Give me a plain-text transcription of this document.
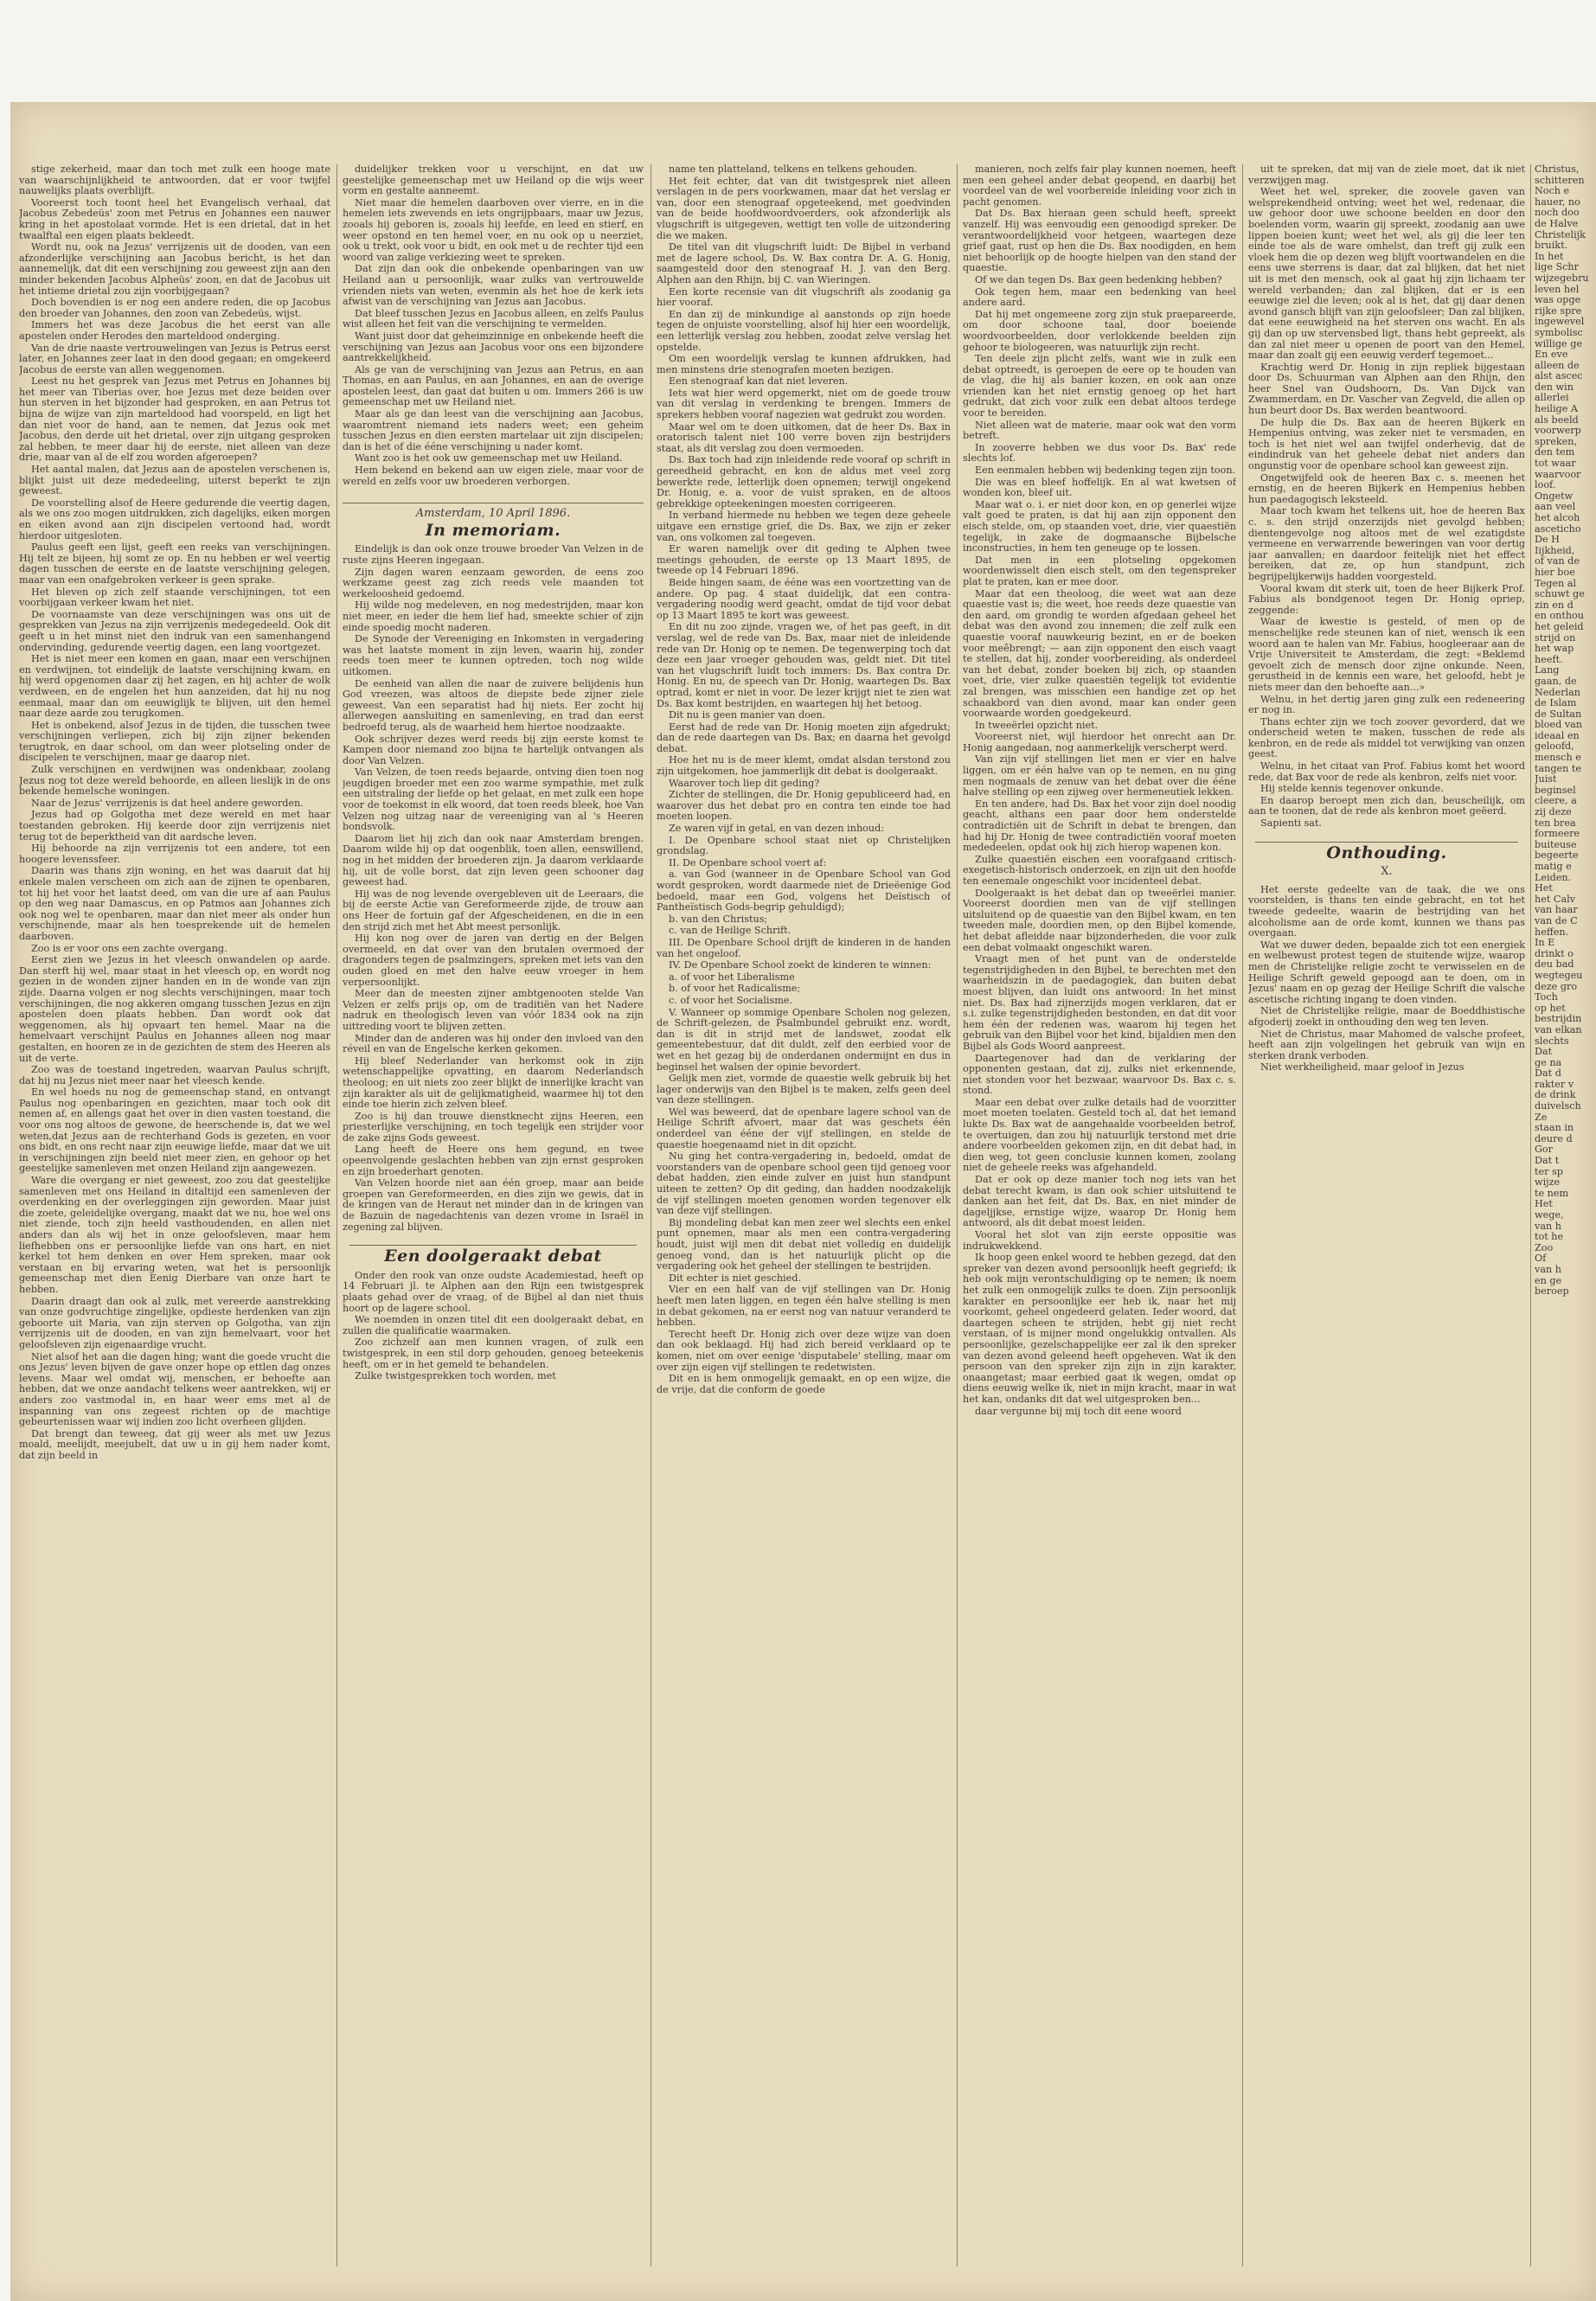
stige zekerheid, maar dan toch met zulk een hooge mate van waarschijnlijkheid te antwoorden, dat er voor twijfel nauwelijks plaats overblijft.

Vooreerst toch toont heel het Evangelisch verhaal, dat Jacobus Zebedeüs' zoon met Petrus en Johannes een nauwer kring in het apostolaat vormde. Het is een drietal, dat in het twaalftal een eigen plaats bekleedt.

Wordt nu, ook na Jezus' verrijzenis uit de dooden, van een afzonderlijke verschijning aan Jacobus bericht, is het dan aannemelijk, dat dit een verschijning zou geweest zijn aan den minder bekenden Jacobus Alpheüs' zoon, en dat de Jacobus uit het intieme drietal zou zijn voorbijgegaan?

Doch bovendien is er nog een andere reden, die op Jacobus den broeder van Johannes, den zoon van Zebedeüs, wijst.

Immers het was deze Jacobus die het eerst van alle apostelen onder Herodes den marteldood onderging.

Van de drie naaste vertrouwelingen van Jezus is Petrus eerst later, en Johannes zeer laat in den dood gegaan; en omgekeerd Jacobus de eerste van allen weggenomen.

Leest nu het gesprek van Jezus met Petrus en Johannes bij het meer van Tiberias over, hoe Jezus met deze beiden over hun sterven in het bijzonder had gesproken, en aan Petrus tot bijna de wijze van zijn marteldood had voorspeld, en ligt het dan niet voor de hand, aan te nemen, dat Jezus ook met Jacobus, den derde uit het drietal, over zijn uitgang gesproken zal hebben, te meer daar hij de eerste, niet alleen van deze drie, maar van al de elf zou worden afgeroepen?

Het aantal malen, dat Jezus aan de apostelen verschenen is, blijkt juist uit deze mededeeling, uiterst beperkt te zijn geweest.

De voorstelling alsof de Heere gedurende die veertig dagen, als we ons zoo mogen uitdrukken, zich dagelijks, eiken morgen en eiken avond aan zijn discipelen vertoond had, wordt hierdoor uitgesloten.

Paulus geeft een lijst, geeft een reeks van verschijningen. Hij telt ze bijeen, hij somt ze op. En nu hebben er wel veertig dagen tusschen de eerste en de laatste verschijning gelegen, maar van een onafgebroken verkeer is geen sprake.

Het bleven op zich zelf staande verschijningen, tot een voorbijgaan verkeer kwam het niet.

De voornaamste van deze verschijningen was ons uit de gesprekken van Jezus na zijn verrijzenis medegedeeld. Ook dit geeft u in het minst niet den indruk van een samenhangend ondervinding, gedurende veertig dagen, een lang voortgezet.

Het is niet meer een komen en gaan, maar een verschijnen en verdwijnen, tot eindelijk de laatste verschijning kwam, en hij werd opgenomen daar zij het zagen, en hij achter de wolk verdween, en de engelen het hun aanzeiden, dat hij nu nog eenmaal, maar dan om eeuwiglijk te blijven, uit den hemel naar deze aarde zou terugkomen.

Het is onbekend, alsof Jezus in de tijden, die tusschen twee verschijningen verliepen, zich bij zijn zijner bekenden terugtrok, en daar school, om dan weer plotseling onder de discipelen te verschijnen, maar ge daarop niet.

Zulk verschijnen en verdwijnen was ondenkbaar, zoolang Jezus nog tot deze wereld behoorde, en alleen lieslijk in de ons bekende hemelsche woningen.

Naar de Jezus' verrijzenis is dat heel andere geworden.

Jezus had op Golgotha met deze wereld en met haar toestanden gebroken. Hij keerde door zijn verrijzenis niet terug tot de beperktheid van dit aardsche leven.

Hij behoorde na zijn verrijzenis tot een andere, tot een hoogere levenssfeer.

Daarin was thans zijn woning, en het was daaruit dat hij enkele malen verscheen om zich aan de zijnen te openbaren, tot hij het voor het laatst deed, om van die ure af aan Paulus op den weg naar Damascus, en op Patmos aan Johannes zich ook nog wel te openbaren, maar dan niet meer als onder hun verschijnende, maar als hen toesprekende uit de hemelen daarboven.

Zoo is er voor ons een zachte overgang.

Eerst zien we Jezus in het vleesch onwandelen op aarde. Dan sterft hij wel, maar staat in het vleesch op, en wordt nog gezien in de wonden zijner handen en in de wonde van zijn zijde. Daarna volgen er nog slechts verschijningen, maar toch verschijningen, die nog akkeren omgang tusschen Jezus en zijn apostelen doen plaats hebben. Dan wordt ook dat weggenomen, als hij opvaart ten hemel. Maar na die hemelvaart verschijnt Paulus en Johannes alleen nog maar gestalten, en hooren ze in de gezichten de stem des Heeren als uit de verte.

Zoo was de toestand ingetreden, waarvan Paulus schrijft, dat hij nu Jezus niet meer naar het vleesch kende.

En wel hoeds nu nog de gemeenschap stand, en ontvangt Paulus nog openbaringen en gezichten, maar toch ook dit nemen af, en allengs gaat het over in dien vasten toestand, die voor ons nog altoos de gewone, de heerschende is, dat we wel weten,dat Jezus aan de rechterhand Gods is gezeten, en voor ons bidt, en ons recht naar zijn eeuwige liefde, maar dat we uit in verschijningen zijn beeld niet meer zien, en gehoor op het geestelijke samenleven met onzen Heiland zijn aangewezen.

Ware die overgang er niet geweest, zoo zou dat geestelijke samenleven met ons Heiland in ditaltijd een samenleven der overdenking en der overleggingen zijn geworden. Maar juist die zoete, geleidelijke overgang, maakt dat we nu, hoe wel ons niet ziende, toch zijn heeld vasthoudenden, en allen niet anders dan als wij het in onze geloofsleven, maar hem liefhebben ons er persoonlijke liefde van ons hart, en niet kerkel tot hem denken en over Hem spreken, maar ook verstaan en bij ervaring weten, wat het is persoonlijk gemeenschap met dien Eenig Dierbare van onze hart te hebben.

Daarin draagt dan ook al zulk, met vereerde aanstrekking van onze godvruchtige zingelijke, opdieste herdenken van zijn geboorte uit Maria, van zijn sterven op Golgotha, van zijn verrijzenis uit de dooden, en van zijn hemelvaart, voor het geloofsleven zijn eigenaardige vrucht.

Niet alsof het aan die dagen hing; want die goede vrucht die ons Jezus' leven bijven de gave onzer hope op ettlen dag onzes levens. Maar wel omdat wij, menschen, er behoefte aan hebben, dat we onze aandacht telkens weer aantrekken, wij er anders zoo vastmodal in, en haar weer ems met al de inspanning van ons zegeest richten op de machtige gebeurtenissen waar wij indien zoo licht overheen glijden.

Dat brengt dan teweeg, dat gij weer als met uw Jezus moald, meelijdt, meejubelt, dat uw u in gij hem nader komt, dat zijn beeld in

duidelijker trekken voor u verschijnt, en dat uw geestelijke gemeenschap met uw Heiland op die wijs weer vorm en gestalte aanneemt.

Niet maar die hemelen daarboven over vierre, en in die hemelen iets zwevends en iets ongrijpbaars, maar uw Jezus, zooals hij geboren is, zooals hij leefde, en leed en stierf, en weer opstond en ten hemel voer, en nu ook op u neerziet, ook u trekt, ook voor u bidt, en ook met u de rechter tijd een woord van zalige verkiezing weet te spreken.

Dat zijn dan ook die onbekende openbaringen van uw Heiland aan u persoonlijk, waar zulks van vertrouwelde vrienden niets van weten, evenmin als het hoe de kerk iets afwist van de verschijning van Jezus aan Jacobus.

Dat bleef tusschen Jezus en Jacobus alleen, en zelfs Paulus wist alleen het feit van die verschijning te vermelden.

Want juist door dat geheimzinnige en onbekende heeft die verschijning van Jezus aan Jacobus voor ons een bijzondere aantrekkelijkheid.

Als ge van de verschijning van Jezus aan Petrus, en aan Thomas, en aan Paulus, en aan Johannes, en aan de overige apostelen leest, dan gaat dat buiten u om. Immers 266 is uw gemeenschap met uw Heiland niet.

Maar als ge dan leest van die verschijning aan Jacobus, waaromtrent niemand iets naders weet; een geheim tusschen Jezus en dien eersten martelaar uit zijn discipelen; dan is het of die ééne verschijning u nader komt.

Want zoo is het ook uw gemeenschap met uw Heiland.

Hem bekend en bekend aan uw eigen ziele, maar voor de wereld en zelfs voor uw broederen verborgen.

Amsterdam, 10 April 1896.
In memoriam.

Eindelijk is dan ook onze trouwe broeder Van Velzen in de ruste zijns Heeren ingegaan.

Zijn dagen waren eenzaam geworden, de eens zoo werkzame geest zag zich reeds vele maanden tot werkeloosheid gedoemd.

Hij wilde nog medeleven, en nog medestrijden, maar kon niet meer, en ieder die hem lief had, smeekte schier of zijn einde spoedig mocht naderen.

De Synode der Vereeniging en Inkomsten in vergadering was het laatste moment in zijn leven, waarin hij, zonder reeds toen meer te kunnen optreden, toch nog wilde uitkomen.

De eenheid van allen die naar de zuivere belijdenis hun God vreezen, was altoos de diepste bede zijner ziele geweest. Van een separatist had hij niets. Eer zocht hij allerwegen aansluiting en samenleving, en trad dan eerst bedroefd terug, als de waarheid hem hiertoe noodzaakte.

Ook schrijver dezes werd reeds bij zijn eerste komst te Kampen door niemand zoo bijna te hartelijk ontvangen als door Van Velzen.

Van Velzen, de toen reeds bejaarde, ontving dien toen nog jeugdigen broeder met een zoo warme sympathie, met zulk een uitstraling der liefde op het gelaat, en met zulk een hope voor de toekomst in elk woord, dat toen reeds bleek, hoe Van Velzen nog uitzag naar de vereeniging van al 's Heeren bondsvolk.

Daarom liet hij zich dan ook naar Amsterdam brengen. Daarom wilde hij op dat oogenblik, toen allen, eenswillend, nog in het midden der broederen zijn. Ja daarom verklaarde hij, uit de volle borst, dat zijn leven geen schooner dag geweest had.

Hij was de nog levende overgebleven uit de Leeraars, die bij de eerste Actie van Gereformeerde zijde, de trouw aan ons Heer de fortuin gaf der Afgescheidenen, en die in een den strijd zich met het Abt meest personlijk.

Hij kon nog over de jaren van dertig en der Belgen overmeeld, en dat over van den brutalen overmoed der dragonders tegen de psalmzingers, spreken met iets van den ouden gloed en met den halve eeuw vroeger in hem verpersoonlijkt.

Meer dan de meesten zijner ambtgenooten stelde Van Velzen er zelfs prijs op, om de traditiën van het Nadere nadruk en theologisch leven van vóór 1834 ook na zijn uittreding voort te blijven zetten.

Minder dan de anderen was hij onder den invloed van den réveil en van de Engelsche kerken gekomen.

Hij bleef Nederlander van herkomst ook in zijn wetenschappelijke opvatting, en daarom Nederlandsch theoloog; en uit niets zoo zeer blijkt de innerlijke kracht van zijn karakter als uit de gelijkmatigheid, waarmee hij tot den einde toe hierin zich zelven bleef.

Zoo is hij dan trouwe dienstknecht zijns Heeren, een priesterlijke verschijning, en toch tegelijk een strijder voor de zake zijns Gods geweest.

Lang heeft de Heere ons hem gegund, en twee opeenvolgende geslachten hebben van zijn ernst gesproken en zijn broederhart genoten.

Van Velzen hoorde niet aan één groep, maar aan beide groepen van Gereformeerden, en dies zijn we gewis, dat in de kringen van de Heraut net minder dan in de kringen van de Bazuin de nagedachtenis van dezen vrome in Israël in zegening zal blijven.

Een doolgeraakt debat

Onder den rook van onze oudste Academiestad, heeft op 14 Februari jl. te Alphen aan den Rijn een twistgesprek plaats gehad over de vraag, of de Bijbel al dan niet thuis hoort op de lagere school.

We noemden in onzen titel dit een doolgeraakt debat, en zullen die qualificatie waarmaken.

Zoo zichzelf aan men kunnen vragen, of zulk een twistgesprek, in een stil dorp gehouden, genoeg beteekenis heeft, om er in het gemeld te behandelen.

Zulke twistgesprekken toch worden, met

name ten platteland, telkens en telkens gehouden.

Het feit echter, dat van dit twistgesprek niet alleen verslagen in de pers voorkwamen, maar dat het verslag er van, door een stenograaf opgeteekend, met goedvinden van de beide hoofdwoordvoerders, ook afzonderlijk als vlugschrift is uitgegeven, wettigt ten volle de uitzondering die we maken.

De titel van dit vlugschrift luidt: De Bijbel in verband met de lagere school, Ds. W. Bax contra Dr. A. G. Honig, saamgesteld door den stenograaf H. J. van den Berg. Alphen aan den Rhijn, bij C. van Wieringen.

Een korte recensie van dit vlugschrift als zoodanig ga hier vooraf.

En dan zij de minkundige al aanstonds op zijn hoede tegen de onjuiste voorstelling, alsof hij hier een woordelijk, een letterlijk verslag zou hebben, zoodat zelve verslag het opstelde.

Om een woordelijk verslag te kunnen afdrukken, had men minstens drie stenografen moeten bezigen.

Een stenograaf kan dat niet leveren.

Iets wat hier werd opgemerkt, niet om de goede trouw van dit verslag in verdenking te brengen. Immers de sprekers hebben vooraf nagezien wat gedrukt zou worden.

Maar wel om te doen uitkomen, dat de heer Ds. Bax in oratorisch talent niet 100 verre boven zijn bestrijders staat, als dit verslag zou doen vermoeden.

Ds. Bax toch had zijn inleidende rede vooraf op schrift in gereedheid gebracht, en kon de aldus met veel zorg bewerkte rede, letterlijk doen opnemen; terwijl ongekend Dr. Honig, e. a. voor de vuist spraken, en de altoos gebrekkige opteekeningen moesten corrigeeren.

In verband hiermede nu hebben we tegen deze geheele uitgave een ernstige grief, die Ds. Bax, we zijn er zeker van, ons volkomen zal toegeven.

Er waren namelijk over dit geding te Alphen twee meetings gehouden, de eerste op 13 Maart 1895, de tweede op 14 Februari 1896.

Beide hingen saam, de ééne was een voortzetting van de andere. Op pag. 4 staat duidelijk, dat een contra-vergadering noodig werd geacht, omdat de tijd voor debat op 13 Maart 1895 te kort was geweest.

En dit nu zoo zijnde, vragen we, of het pas geeft, in dit verslag, wel de rede van Ds. Bax, maar niet de inleidende rede van Dr. Honig op te nemen. De tegenwerping toch dat deze een jaar vroeger gehouden was, geldt niet. Dit titel van het vlugschrift luidt toch immers: Ds. Bax contra Dr. Honig. En nu, de speech van Dr. Honig, waartegen Ds. Bax optrad, komt er niet in voor. De lezer krijgt niet te zien wat Ds. Bax komt bestrijden, en waartegen hij het betoog.

Dit nu is geen manier van doen.

Eerst had de rede van Dr. Honig moeten zijn afgedrukt; dan de rede daartegen van Ds. Bax; en daarna het gevolgd debat.

Hoe het nu is de meer klemt, omdat alsdan terstond zou zijn uitgekomen, hoe jammerlijk dit debat is doolgeraakt.

Waarover toch liep dit geding?

Zichter de stellingen, die Dr. Honig gepubliceerd had, en waarover dus het debat pro en contra ten einde toe had moeten loopen.

Ze waren vijf in getal, en van dezen inhoud:

I. De Openbare school staat niet op Christelijken grondslag.

II. De Openbare school voert af:

a. van God (wanneer in de Openbare School van God wordt gesproken, wordt daarmede niet de Drieëenige God bedoeld, maar een God, volgens het Deïstisch of Pantheïstisch Gods-begrip gehuldigd);

b. van den Christus;

c. van de Heilige Schrift.

III. De Openbare School drijft de kinderen in de handen van het ongeloof.

IV. De Openbare School zoekt de kinderen te winnen:

a. of voor het Liberalisme

b. of voor het Radicalisme;

c. of voor het Socialisme.

V. Wanneer op sommige Openbare Scholen nog gelezen, de Schrift-gelezen, de Psalmbundel gebruikt enz. wordt, dan is dit in strijd met de landswet, zoodat elk gemeentebestuur, dat dit duldt, zelf den eerbied voor de wet en het gezag bij de onderdanen ondermijnt en dus in beginsel het walsen der opinie bevordert.

Gelijk men ziet, vormde de quaestie welk gebruik bij het lager onderwijs van den Bijbel is te maken, zelfs geen deel van deze stellingen.

Wel was beweerd, dat de openbare lagere school van de Heilige Schrift afvoert, maar dat was geschets één onderdeel van ééne der vijf stellingen, en stelde de quaestie hoegenaamd niet in dit opzicht.

Nu ging het contra-vergadering in, bedoeld, omdat de voorstanders van de openbare school geen tijd genoeg voor debat hadden, zien einde zulver en juist hun standpunt uiteen te zetten? Op dit geding, dan hadden noodzakelijk de vijf stellingen moeten genomen worden tegenover elk van deze vijf stellingen.

Bij mondeling debat kan men zeer wel slechts een enkel punt opnemen, maar als men een contra-vergadering houdt, juist wijl men dit debat niet volledig en duidelijk genoeg vond, dan is het natuurlijk plicht op die vergadering ook het geheel der stellingen te bestrijden.

Dit echter is niet geschied.

Vier en een half van de vijf stellingen van Dr. Honig heeft men laten liggen, en tegen één halve stelling is men in debat gekomen, na er eerst nog van natuur veranderd te hebben.

Terecht heeft Dr. Honig zich over deze wijze van doen dan ook beklaagd. Hij had zich bereid verklaard op te komen, niet om over eenige 'disputabele' stelling, maar om over zijn eigen vijf stellingen te redetwisten.

Dit en is hem onmogelijk gemaakt, en op een wijze, die de vrije, dat die conform de goede

manieren, noch zelfs fair play kunnen noemen, heeft men een geheel ander debat geopend, en daarbij het voordeel van de wel voorbereide inleiding voor zich in pacht genomen.

Dat Ds. Bax hieraan geen schuld heeft, spreekt vanzelf. Hij was eenvoudig een genoodigd spreker. De verantwoordelijkheid voor hetgeen, waartegen deze grief gaat, rust op hen die Ds. Bax noodigden, en hem niet behoorlijk op de hoogte hielpen van den stand der quaestie.

Of we dan tegen Ds. Bax geen bedenking hebben?

Ook tegen hem, maar een bedenking van heel andere aard.

Dat hij met ongemeene zorg zijn stuk praepareerde, om door schoone taal, door boeiende woordvoorbeelden, door verlokkende beelden zijn gehoor te biologeeren, was natuurlijk zijn recht.

Ten deele zijn plicht zelfs, want wie in zulk een debat optreedt, is geroepen de eere op te houden van de vlag, die hij als banier kozen, en ook aan onze vrienden kan het niet ernstig genoeg op het hart gedrukt, dat zich voor zulk een debat altoos terdege voor te bereiden.

Niet alleen wat de materie, maar ook wat den vorm betreft.

In zooverre hebben we dus voor Ds. Bax' rede slechts lof.

Een eenmalen hebben wij bedenking tegen zijn toon.

Die was en bleef hoffelijk. En al wat kwetsen of wonden kon, bleef uit.

Maar wat o. i. er niet door kon, en op generlei wijze valt goed te praten, is dat hij aan zijn opponent den eisch stelde, om, op staanden voet, drie, vier quaestiën tegelijk, in zake de dogmaansche Bijbelsche inconstructies, in hem ten geneuge op te lossen.

Dat men in een plotseling opgekomen woordenwisselt dien eisch stelt, om den tegenspreker plat te praten, kan er mee door.

Maar dat een theoloog, die weet wat aan deze quaestie vast is; die weet, hoe reeds deze quaestie van den aard, om grondig te worden afgedaan geheel het debat was den avond zou innemen; die zelf zulk een quaestie vooraf nauwkeurig bezint, en er de boeken voor meêbrengt; — aan zijn opponent den eisch vaagt te stellen, dat hij, zonder voorbereiding, als onderdeel van het debat, zonder boeken bij zich, op staanden voet, drie, vier zulke quaestiën tegelijk tot evidentie zal brengen, was misschien een handige zet op het schaakbord van dien avond, maar kan onder geen voorwaarde worden goedgekeurd.

In tweeërlei opzicht niet.

Vooreerst niet, wijl hierdoor het onrecht aan Dr. Honig aangedaan, nog aanmerkelijk verscherpt werd.

Van zijn vijf stellingen liet men er vier en halve liggen, om er één halve van op te nemen, en nu ging men nogmaals de zenuw van het debat over die ééne halve stelling op een zijweg over hermeneutiek lekken.

En ten andere, had Ds. Bax het voor zijn doel noodig geacht, althans een paar door hem onderstelde contradictiën uit de Schrift in debat te brengen, dan had hij Dr. Honig de twee contradictiën vooraf moeten mededeelen, opdat ook hij zich hierop wapenen kon.

Zulke quaestiën eischen een voorafgaand critisch-exegetisch-historisch onderzoek, en zijn uit den hoofde ten eenemale ongeschikt voor incidenteel debat.

Doolgeraakt is het debat dan op tweeërlei manier. Vooreerst doordien men van de vijf stellingen uitsluitend op de quaestie van den Bijbel kwam, en ten tweeden male, doordien men, op den Bijbel komende, het debat afleidde naar bijzonderheden, die voor zulk een debat volmaakt ongeschikt waren.

Vraagt men of het punt van de onderstelde tegenstrijdigheden in den Bijbel, te berechten met den waarheidszin in de paedagogiek, dan buiten debat moest blijven, dan luidt ons antwoord: In het minst niet. Ds. Bax had zijnerzijds mogen verklaren, dat er s.i. zulke tegenstrijdigheden bestonden, en dat dit voor hem één der redenen was, waarom hij tegen het gebruik van den Bijbel voor het kind, bijaldien men den Bijbel als Gods Woord aanpreest.

Daartegenover had dan de verklaring der opponenten gestaan, dat zij, zulks niet erkennende, niet stonden voor het bezwaar, waarvoor Ds. Bax c. s. stond.

Maar een debat over zulke details had de voorzitter moet moeten toelaten. Gesteld toch al, dat het iemand lukte Ds. Bax wat de aangehaalde voorbeelden betrof, te overtuigen, dan zou hij natuurlijk terstond met drie andere voorbeelden gekomen zijn, en dit debat had, in dien weg, tot geen conclusie kunnen komen, zoolang niet de geheele reeks was afgehandeld.

Dat er ook op deze manier toch nog iets van het debat terecht kwam, is dan ook schier uitsluitend te danken aan het feit, dat Ds. Bax, en niet minder de dageljjkse, ernstige wijze, waarop Dr. Honig hem antwoord, als dit debat moest leiden.

Vooral het slot van zijn eerste oppositie was indrukwekkend.

Ik hoop geen enkel woord te hebben gezegd, dat den spreker van dezen avond persoonlijk heeft gegriefd; ik heb ook mijn verontschuldiging op te nemen; ik noem het zulk een onmogelijk zulks te doen. Zijn persoonlijk karakter en persoonlijke eer heb ik, naar het mij voorkomt, geheel ongedeerd gelaten. Ieder woord, dat daartegen scheen te strijden, hebt gij niet recht verstaan, of is mijner mond ongelukkig ontvallen. Als persoonlijke, gezelschappelijke eer zal ik den spreker van dezen avond geleend heeft opgeheven. Wat ik den persoon van den spreker zijn zijn in zijn karakter, onaangetast; maar eerbied gaat ik wegen, omdat op diens eeuwig welke ik, niet in mijn kracht, maar in wat het kan, ondanks dit dat wel uitgesproken ben...

daar vergunne bij mij toch dit eene woord

uit te spreken, dat mij van de ziele moet, dat ik niet verzwijgen mag.

Weet het wel, spreker, die zoovele gaven van welsprekendheid ontving; weet het wel, redenaar, die uw gehoor door uwe schoone beelden en door den boelenden vorm, waarin gij spreekt, zoodanig aan uwe lippen boeien kunt; weet het wel, als gij die leer ten einde toe als de ware omhelst, dan treft gij zulk een vloek hem die op dezen weg blijft voortwandelen en die eens uwe sterrens is daar, dat zal blijken, dat het niet uit is met den mensch, ook al gaat hij zijn lichaam ter wereld verbanden; dan zal blijken, dat er is een eeuwige ziel die leven; ook al is het, dat gij daar denen avond gansch blijft van zijn geloofsleer; Dan zal blijken, dat eene eeuwigheid na het sterven ons wacht. En als gij dan op uw stervensbed ligt, thans hebt gepreekt, als dan zal niet meer u openen de poort van den Hemel, maar dan zoalt gij een eeuwig verderf tegemoet...

Krachtig werd Dr. Honig in zijn repliek bijgestaan door Ds. Schuurman van Alphen aan den Rhijn, den heer Snel van Oudshoorn, Ds. Van Dijck van Zwammerdam, en Dr. Vascher van Zegveld, die allen op hun beurt door Ds. Bax werden beantwoord.

De hulp die Ds. Bax aan de heeren Bijkerk en Hempenius ontving, was zeker niet te versmaden, en toch is het niet wel aan twijfel onderhevig, dat de eindindruk van het geheele debat niet anders dan ongunstig voor de openbare school kan geweest zijn.

Ongetwijfeld ook de heeren Bax c. s. meenen het ernstig, en de heeren Bijkerk en Hempenius hebben hun paedagogisch leksteeld.

Maar toch kwam het telkens uit, hoe de heeren Bax c. s. den strijd onzerzijds niet gevolgd hebben; dientengevolge nog altoos met de wel ezatigdste vermeene en verwarrende beweringen van voor dertig jaar aanvallen; en daardoor feitelijk niet het effect bereiken, dat ze, op hun standpunt, zich begrijpelijkerwijs hadden voorgesteld.

Vooral kwam dit sterk uit, toen de heer Bijkerk Prof. Fabius als bondgenoot tegen Dr. Honig opriep, zeggende:

Waar de kwestie is gesteld, of men op de menschelijke rede steunen kan of niet, wensch ik een woord aan te halen van Mr. Fabius, hoogleeraar aan de Vrije Universiteit te Amsterdam, die zegt: «Beklemd gevoelt zich de mensch door zijne onkunde. Neen, gerustheid in de kennis een ware, het geloofd, hebt je niets meer dan den behoefte aan...»

Welnu, in het dertig jaren ging zulk een redeneering er nog in.

Thans echter zijn we toch zoover gevorderd, dat we onderscheid weten te maken, tusschen de rede als kenbron, en de rede als middel tot verwijking van onzen geest.

Welnu, in het citaat van Prof. Fabius komt het woord rede, dat Bax voor de rede als kenbron, zelfs niet voor.

Hij stelde kennis tegenover onkunde.

En daarop beroept men zich dan, beuscheilijk, om aan te toonen, dat de rede als kenbron moet geëerd.

Sapienti sat.

Onthouding.
X.

Het eerste gedeelte van de taak, die we ons voorstelden, is thans ten einde gebracht, en tot het tweede gedeelte, waarin de bestrijding van het alcoholisme aan de orde komt, kunnen we thans pas overgaan.

Wat we duwer deden, bepaalde zich tot een energiek en welbewust protest tegen de stuitende wijze, waarop men de Christelijke religie zocht te verwisselen en de Heilige Schrift geweld gepoogd aan te doen, om in Jezus' naam en op gezag der Heilige Schrift die valsche ascetische richting ingang te doen vinden.

Niet de Christelijke religie, maar de Boeddhistische afgoderij zoekt in onthouding den weg ten leven.

Niet de Christus, maar Mahomed de valsche profeet, heeft aan zijn volgelingen het gebruik van wijn en sterken drank verboden.

Niet werkheiligheid, maar geloof in Jezus

Christus,
schitteren
Noch e
hauer, no
noch doo
de Halve
Christelijk
bruikt.
In het
lige Schr
wijzegebru
leven hel
was opge
rijke spre
ingewevel
symbolisc
willige ge
En eve
alleen de
alst ascec
den win
allerlei
heilige A
als beeld
voorwerp
spreken,
den tem
tot waar
waarvoor
loof.
Ongetw
aan veel
het alcoh
asceticho
De H
Iijkheid,
of van de
hier boe
Tegen al
schuwt ge
zin en d
en onthou
het geleid
strijd on
het wap
heeft.
Lang
gaan, de
Nederlan
de Islam
de Sultan
bloed van
ideaal en
geloofd,
mensch e
tangen te
Juist
beginsel
cleere, a
zij deze
ten brea
formeere
buiteuse
begeerte
matig e
Leiden.
Het
het Calv
van haar
van de C
heffen.
In E
drinkt o
deu bad
wegtegeu
deze gro
Toch
op het
bestrijdin
van elkan
slechts
Dat
ge na
Dat d
rakter v
de drink
duivelsch
Ze
staan in
deure d
Gor
Dat t
ter sp
wijze
te nem
Het
wege,
van h
tot he
Zoo
Of
van h
en ge
beroep
